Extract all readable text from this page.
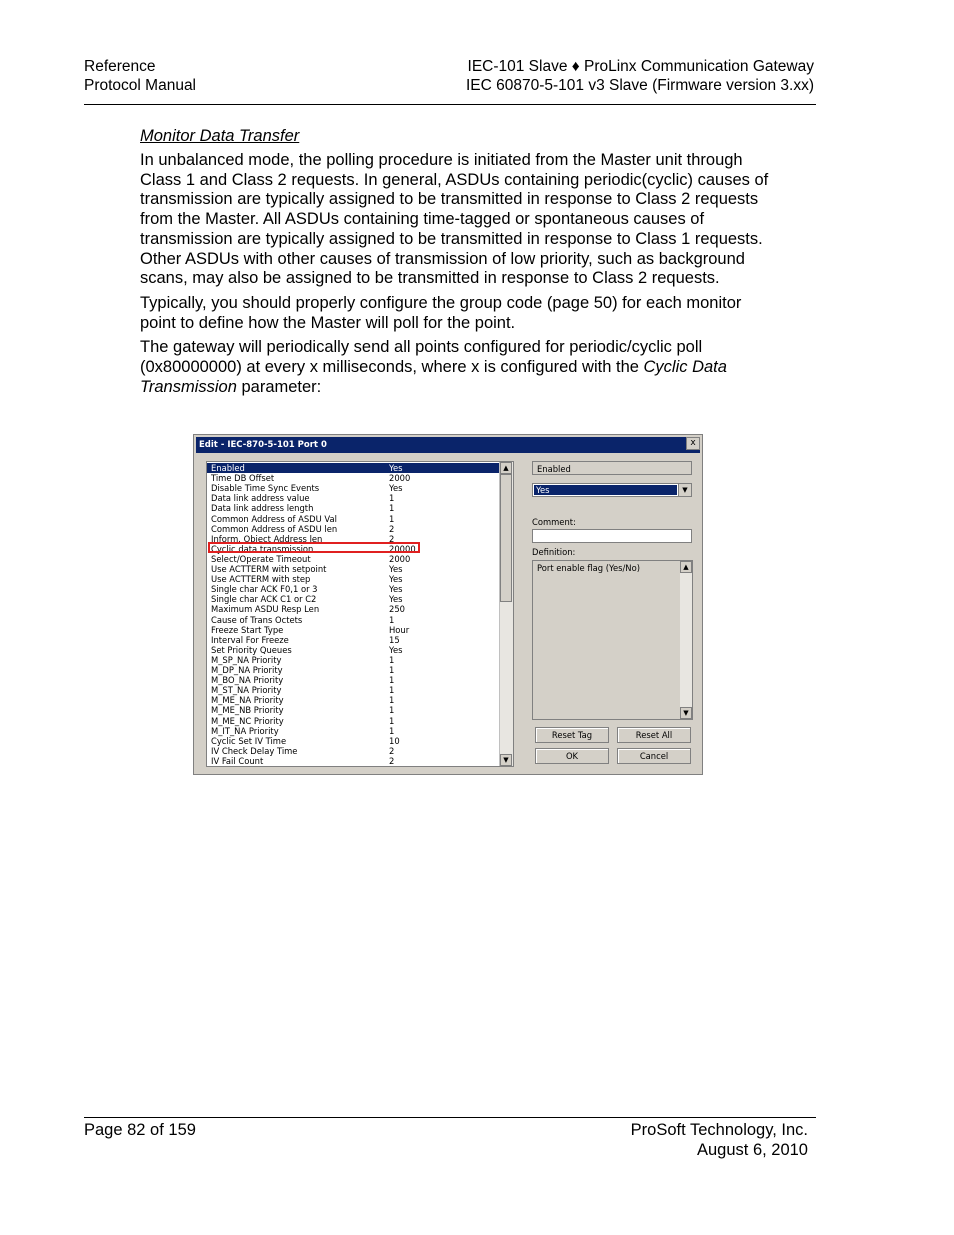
Reference
Protocol Manual
IEC-101 Slave ♦ ProLinx Communication Gateway
IEC 60870-5-101 v3 Slave (Firmware version 3.xx)
Monitor Data Transfer

In unbalanced mode, the polling procedure is initiated from the Master unit through Class 1 and Class 2 requests. In general, ASDUs containing periodic(cyclic) causes of transmission are typically assigned to be transmitted in response to Class 2 requests from the Master. All ASDUs containing time-tagged or spontaneous causes of transmission are typically assigned to be transmitted in response to Class 1 requests. Other ASDUs with other causes of transmission of low priority, such as background scans, may also be assigned to be transmitted in response to Class 2 requests.

Typically, you should properly configure the group code (page 50) for each monitor point to define how the Master will poll for the point.

The gateway will periodically send all points configured for periodic/cyclic poll (0x80000000) at every x milliseconds, where x is configured with the Cyclic Data Transmission parameter:

Edit - IEC-870-5-101 Port 0	x
Enabled	Yes
Time DB Offset	2000
Disable Time Sync Events	Yes
Data link address value	1
Data link address length	1
Common Address of ASDU Val	1
Common Address of ASDU len	2
Inform. Object Address len	2
Cyclic data transmission	20000
Select/Operate Timeout	2000
Use ACTTERM with setpoint	Yes
Use ACTTERM with step	Yes
Single char ACK F0,1 or 3	Yes
Single char ACK C1 or C2	Yes
Maximum ASDU Resp Len	250
Cause of Trans Octets	1
Freeze Start Type	Hour
Interval For Freeze	15
Set Priority Queues	Yes
M_SP_NA Priority	1
M_DP_NA Priority	1
M_BO_NA Priority	1
M_ST_NA Priority	1
M_ME_NA Priority	1
M_ME_NB Priority	1
M_ME_NC Priority	1
M_IT_NA Priority	1
Cyclic Set IV Time	10
IV Check Delay Time	2
IV Fail Count	2
▲
▼
Enabled
Yes	▼
Comment:
Definition:
Port enable flag (Yes/No)	▲
▼
Reset Tag	Reset All
OK	Cancel
Page 82 of 159	ProSoft Technology, Inc.
August 6, 2010
